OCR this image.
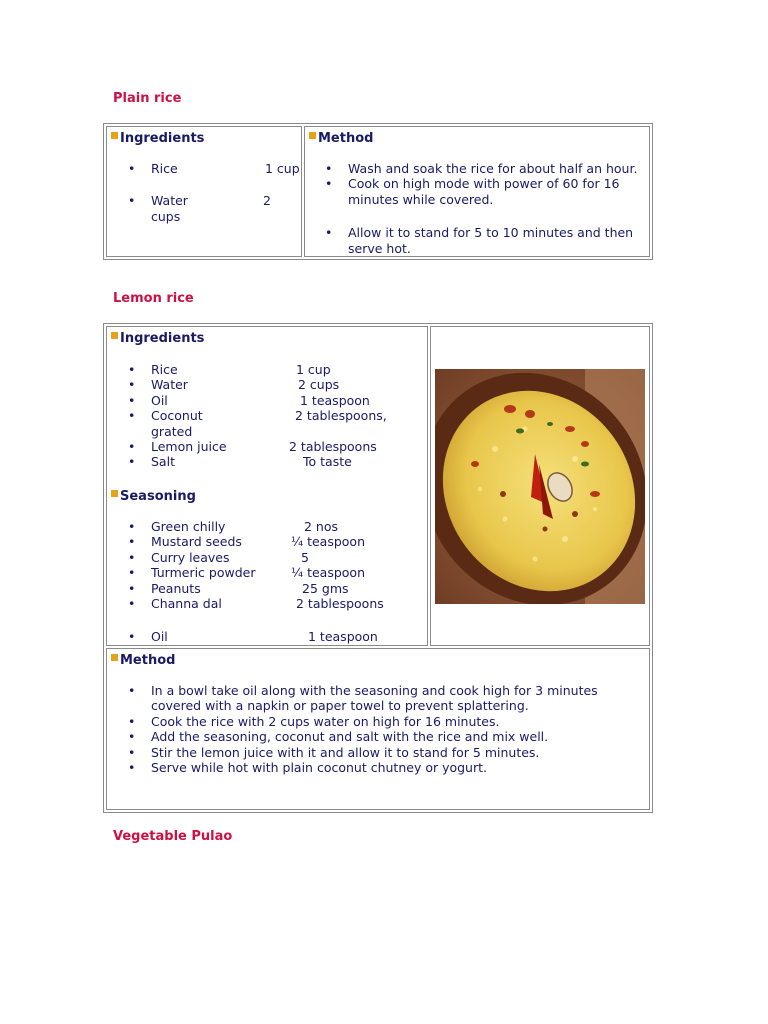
Plain rice
Ingredients	Method
• Rice	1 cup
• Water	2
cups
• Wash and soak the rice for about half an hour.
• Cook on high mode with power of 60 for 16
minutes while covered.
• Allow it to stand for 5 to 10 minutes and then
serve hot.
Lemon rice
Ingredients
Seasoning
Method
• Rice	1 cup
• Water	2 cups
• Oil	1 teaspoon
• Coconut	2 tablespoons,
grated
• Lemon juice	2 tablespoons
• Salt	To taste
• Green chilly	2 nos
• Mustard seeds	¼ teaspoon
• Curry leaves	5
• Turmeric powder	¼ teaspoon
• Peanuts	25 gms
• Channa dal	2 tablespoons
• Oil	1 teaspoon
• In a bowl take oil along with the seasoning and cook high for 3 minutes
covered with a napkin or paper towel to prevent splattering.
• Cook the rice with 2 cups water on high for 16 minutes.
• Add the seasoning, coconut and salt with the rice and mix well.
• Stir the lemon juice with it and allow it to stand for 5 minutes.
• Serve while hot with plain coconut chutney or yogurt.
Vegetable Pulao
